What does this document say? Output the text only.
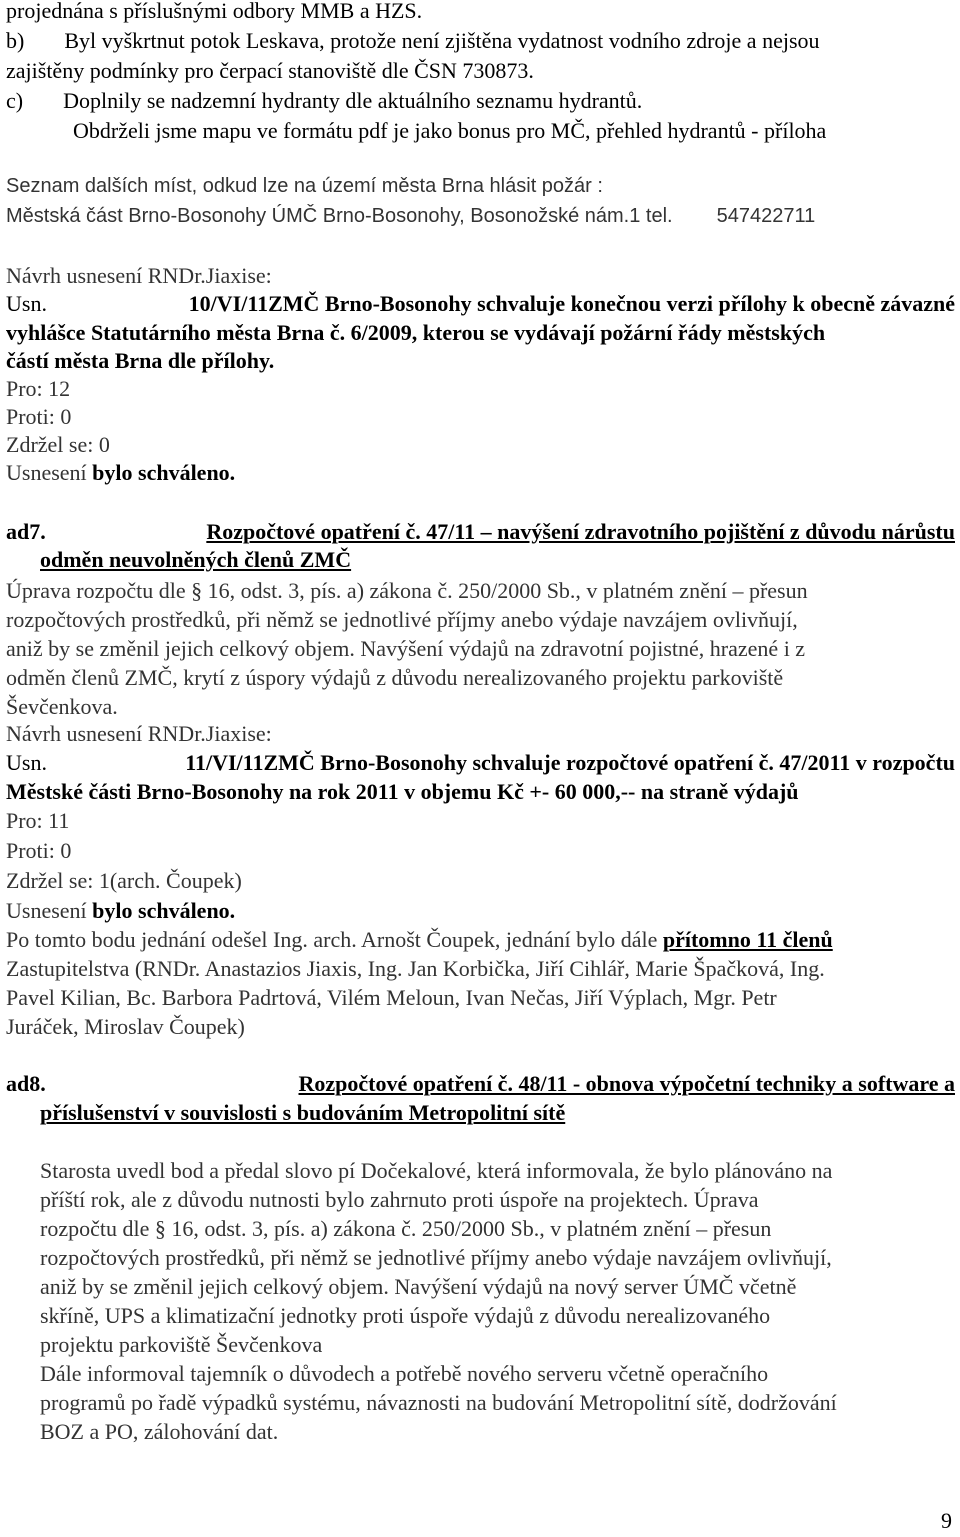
projednána s příslušnými odbory MMB a HZS.
b) Byl vyškrtnut potok Leskava, protože není zjištěna vydatnost vodního zdroje a nejsou
zajištěny podmínky pro čerpací stanoviště dle ČSN 730873.
c) Doplnily se nadzemní hydranty dle aktuálního seznamu hydrantů.
Obdrželi jsme mapu ve formátu pdf je jako bonus pro MČ, přehled hydrantů - příloha
Seznam dalších míst, odkud lze na území města Brna hlásit požár :
Městská část Brno-Bosonohy ÚMČ Brno-Bosonohy, Bosonožské nám.1 tel. 547422711
Návrh usnesení RNDr.Jiaxise:
Usn.	10/VI/11ZMČ Brno-Bosonohy schvaluje konečnou verzi přílohy k obecně závazné
vyhlášce Statutárního města Brna č. 6/2009, kterou se vydávají požární řády městských
částí města Brna dle přílohy.
Pro: 12
Proti: 0
Zdržel se: 0
Usnesení bylo schváleno.
ad7.	Rozpočtové opatření č. 47/11 – navýšení zdravotního pojištění z důvodu nárůstu
odměn neuvolněných členů ZMČ
Úprava rozpočtu dle § 16, odst. 3, pís. a) zákona č. 250/2000 Sb., v platném znění – přesun
rozpočtových prostředků, při němž se jednotlivé příjmy anebo výdaje navzájem ovlivňují,
aniž by se změnil jejich celkový objem. Navýšení výdajů na zdravotní pojistné, hrazené i z
odměn členů ZMČ, krytí z úspory výdajů z důvodu nerealizovaného projektu parkoviště
Ševčenkova.
Návrh usnesení RNDr.Jiaxise:
Usn.	11/VI/11ZMČ Brno-Bosonohy schvaluje rozpočtové opatření č. 47/2011 v rozpočtu
Městské části Brno-Bosonohy na rok 2011 v objemu Kč +- 60 000,-- na straně výdajů
Pro: 11
Proti: 0
Zdržel se: 1(arch. Čoupek)
Usnesení bylo schváleno.
Po tomto bodu jednání odešel Ing. arch. Arnošt Čoupek, jednání bylo dále přítomno 11 členů
Zastupitelstva (RNDr. Anastazios Jiaxis, Ing. Jan Korbička, Jiří Cihlář, Marie Špačková, Ing.
Pavel Kilian, Bc. Barbora Padrtová, Vilém Meloun, Ivan Nečas, Jiří Výplach, Mgr. Petr
Juráček, Miroslav Čoupek)
ad8.	Rozpočtové opatření č. 48/11 - obnova výpočetní techniky a software a
příslušenství v souvislosti s budováním Metropolitní sítě
Starosta uvedl bod a předal slovo pí Dočekalové, která informovala, že bylo plánováno na
příští rok, ale z důvodu nutnosti bylo zahrnuto proti úspoře na projektech. Úprava
rozpočtu dle § 16, odst. 3, pís. a) zákona č. 250/2000 Sb., v platném znění – přesun
rozpočtových prostředků, při němž se jednotlivé příjmy anebo výdaje navzájem ovlivňují,
aniž by se změnil jejich celkový objem. Navýšení výdajů na nový server ÚMČ včetně
skříně, UPS a klimatizační jednotky proti úspoře výdajů z důvodu nerealizovaného
projektu parkoviště Ševčenkova
Dále informoval tajemník o důvodech a potřebě nového serveru včetně operačního
programů po řadě výpadků systému, návaznosti na budování Metropolitní sítě, dodržování
BOZ a PO, zálohování dat.
9
